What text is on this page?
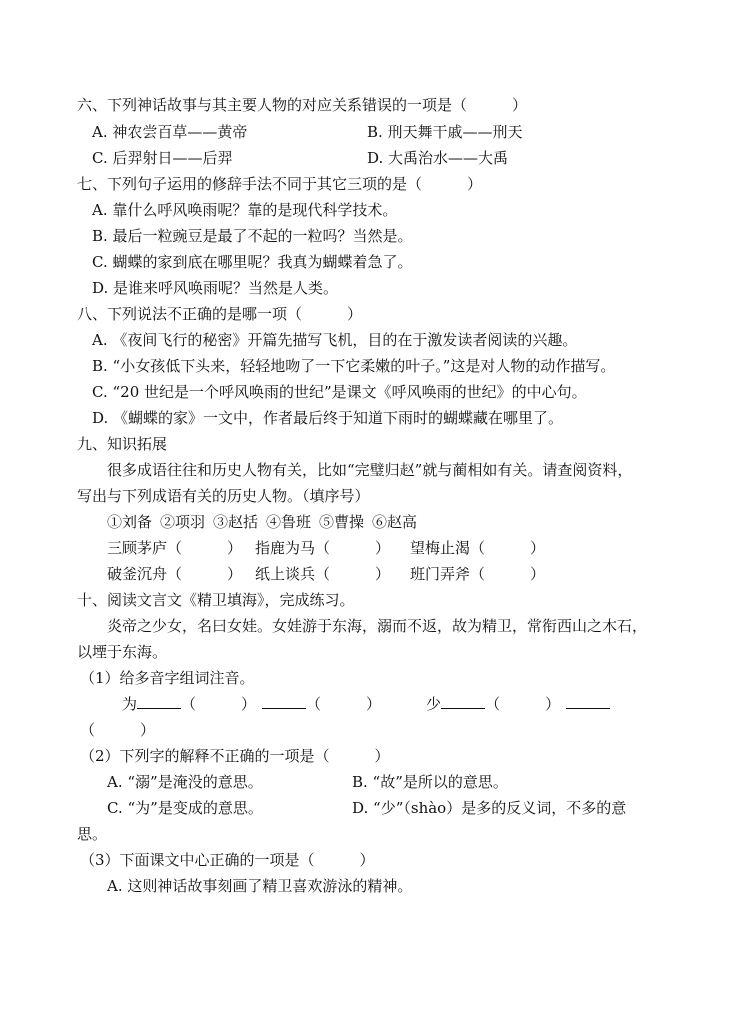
六、下列神话故事与其主要人物的对应关系错误的一项是（　　　）
A. 神农尝百草——黄帝	B. 刑天舞干戚——刑天
C. 后羿射日——后羿	D. 大禹治水——大禹
七、下列句子运用的修辞手法不同于其它三项的是（　　　）
A. 靠什么呼风唤雨呢？靠的是现代科学技术。
B. 最后一粒豌豆是最了不起的一粒吗？当然是。
C. 蝴蝶的家到底在哪里呢？我真为蝴蝶着急了。
D. 是谁来呼风唤雨呢？当然是人类。
八、下列说法不正确的是哪一项（　　　）
A. 《夜间飞行的秘密》开篇先描写飞机，目的在于激发读者阅读的兴趣。
B. “小女孩低下头来，轻轻地吻了一下它柔嫩的叶子。”这是对人物的动作描写。
C. “20 世纪是一个呼风唤雨的世纪”是课文《呼风唤雨的世纪》的中心句。
D. 《蝴蝶的家》一文中，作者最后终于知道下雨时的蝴蝶藏在哪里了。
九、知识拓展
很多成语往往和历史人物有关，比如“完璧归赵”就与蔺相如有关。请查阅资料，
写出与下列成语有关的历史人物。（填序号）
①刘备 ②项羽 ③赵括 ④鲁班 ⑤曹操 ⑥赵高
三顾茅庐（　　　） 指鹿为马（　　　） 望梅止渴（　　　）
破釜沉舟（　　　） 纸上谈兵（　　　） 班门弄斧（　　　）
十、阅读文言文《精卫填海》，完成练习。
炎帝之少女，名曰女娃。女娃游于东海，溺而不返，故为精卫，常衔西山之木石，
以堙于东海。
（1）给多音字组词注音。
为	（　　　）	（　　　）	少	（　　　）
（　　　）
（2）下列字的解释不正确的一项是（　　　）
A. “溺”是淹没的意思。	B. “故”是所以的意思。
C. “为”是变成的意思。	D. “少”（shào）是多的反义词，不多的意
思。
（3）下面课文中心正确的一项是（　　　）
A. 这则神话故事刻画了精卫喜欢游泳的精神。
